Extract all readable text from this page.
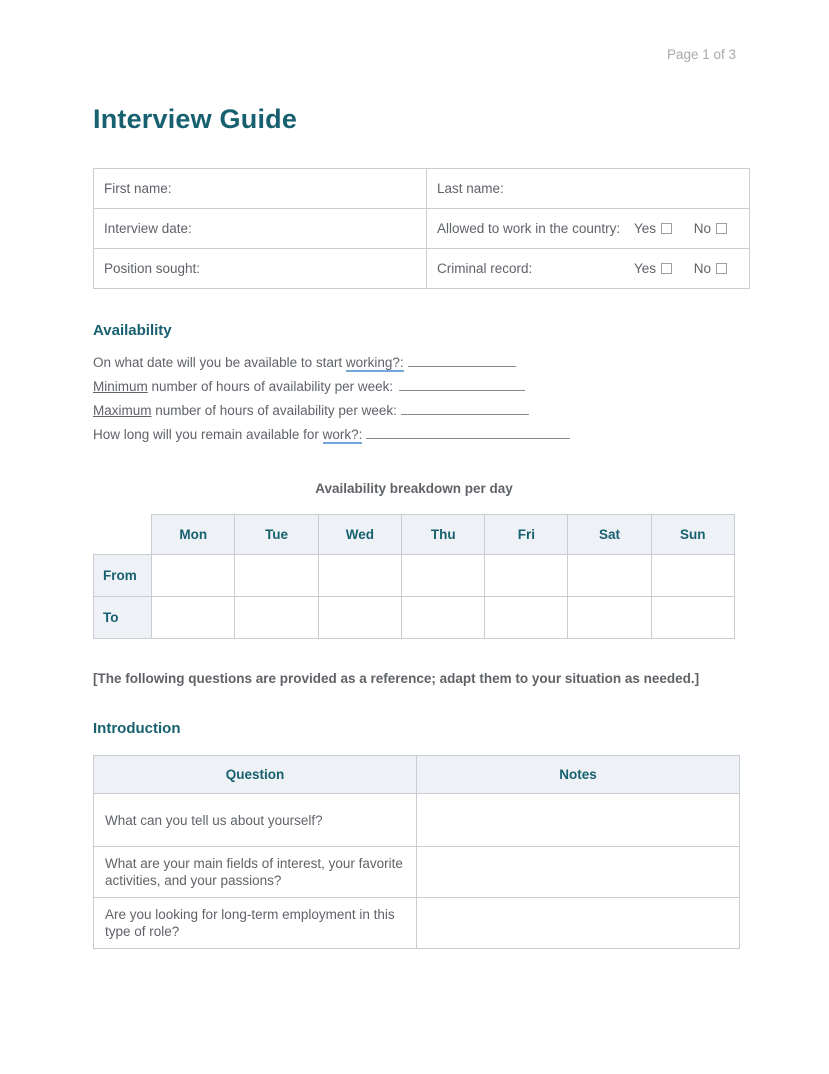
Page 1 of 3
Interview Guide
First name:	Last name:
Interview date:	Allowed to work in the country: Yes No

Position sought:	Criminal record: Yes No
Availability
On what date will you be available to start working?:
Minimum number of hours of availability per week:
Maximum number of hours of availability per week:
How long will you remain available for work?:
Availability breakdown per day
	Mon	Tue	Wed	Thu	Fri	Sat	Sun
From							
To							
[The following questions are provided as a reference; adapt them to your situation as needed.]
Introduction
Question	Notes
What can you tell us about yourself?	
What are your main fields of interest, your favorite activities, and your passions?	
Are you looking for long-term employment in this type of role?	
